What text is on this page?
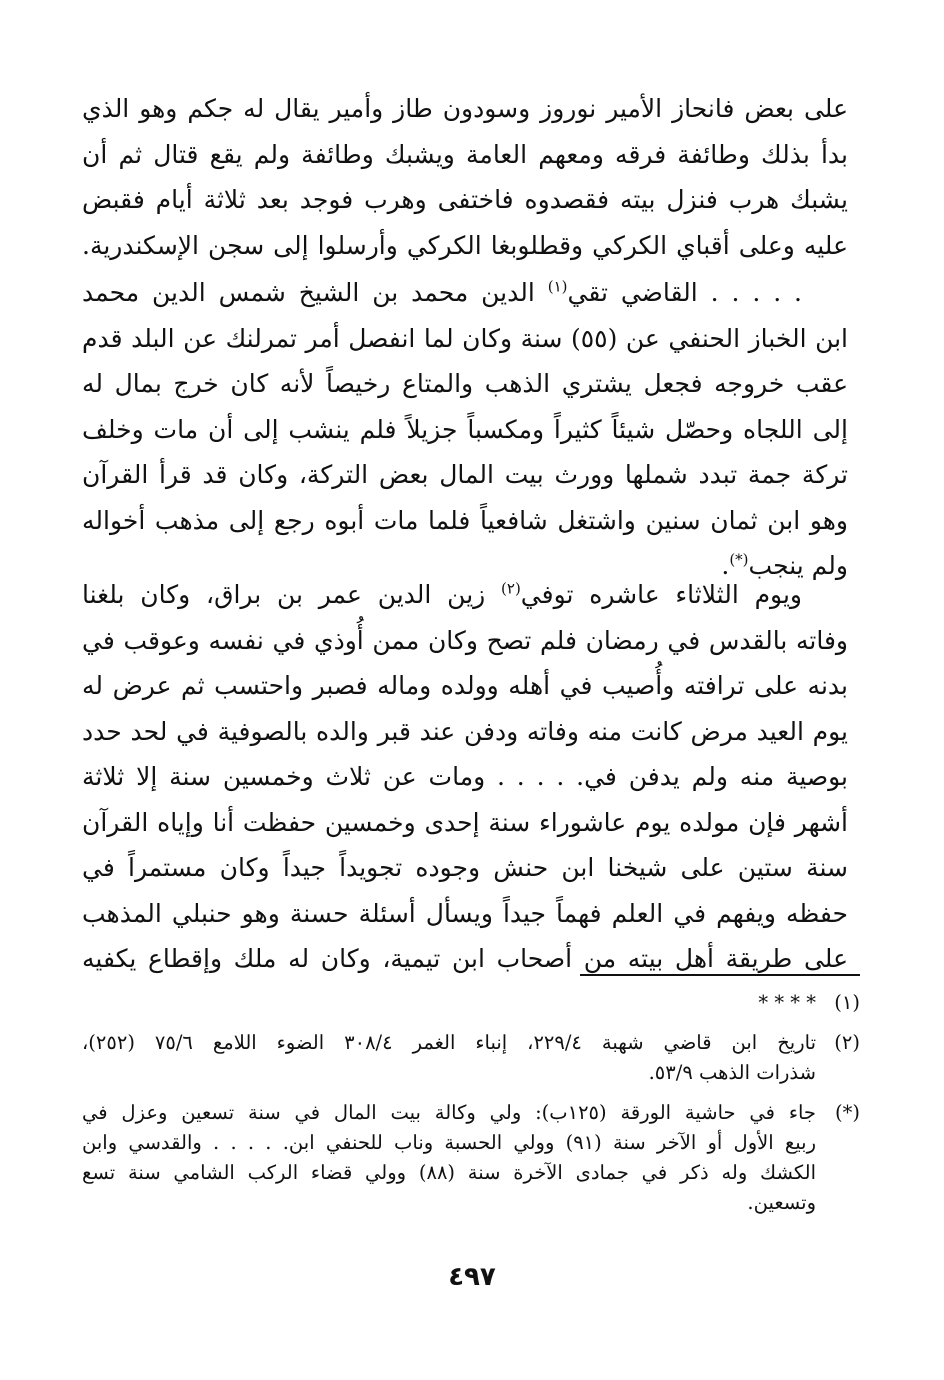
على بعض فانحاز الأمير نوروز وسودون طاز وأمير يقال له جكم وهو الذي
بدأ بذلك وطائفة فرقه ومعهم العامة ويشبك وطائفة ولم يقع قتال ثم أن
يشبك هرب فنزل بيته فقصدوه فاختفى وهرب فوجد بعد ثلاثة أيام فقبض
عليه وعلى أقباي الكركي وقطلوبغا الكركي وأرسلوا إلى سجن الإسكندرية.
. . . . . القاضي تقي$^{(١)}$ الدين محمد بن الشيخ شمس الدين محمد
ابن الخباز الحنفي عن (٥٥) سنة وكان لما انفصل أمر تمرلنك عن البلد قدم
عقب خروجه فجعل يشتري الذهب والمتاع رخيصاً لأنه كان خرج بمال له
إلى اللجاه وحصّل شيئاً كثيراً ومكسباً جزيلاً فلم ينشب إلى أن مات وخلف
تركة جمة تبدد شملها وورث بيت المال بعض التركة، وكان قد قرأ القرآن
وهو ابن ثمان سنين واشتغل شافعياً فلما مات أبوه رجع إلى مذهب أخواله
ولم ينجب(*).
ويوم الثلاثاء عاشره توفي$^{(٢)}$ زين الدين عمر بن براق، وكان بلغنا
وفاته بالقدس في رمضان فلم تصح وكان ممن أُوذي في نفسه وعوقب في
بدنه على ترافته وأُصيب في أهله وولده وماله فصبر واحتسب ثم عرض له
يوم العيد مرض كانت منه وفاته ودفن عند قبر والده بالصوفية في لحد حدد
بوصية منه ولم يدفن في. . . . . ومات عن ثلاث وخمسين سنة إلا ثلاثة
أشهر فإن مولده يوم عاشوراء سنة إحدى وخمسين حفظت أنا وإياه القرآن
سنة ستين على شيخنا ابن حنش وجوده تجويداً جيداً وكان مستمراً في
حفظه ويفهم في العلم فهماً جيداً ويسأل أسئلة حسنة وهو حنبلي المذهب
على طريقة أهل بيته من أصحاب ابن تيمية، وكان له ملك وإقطاع يكفيه
(١)
* * * *
(٢)
تاريخ ابن قاضي شهبة ٢٢٩/٤، إنباء الغمر ٣٠٨/٤ الضوء اللامع ٧٥/٦ (٢٥٢)،
شذرات الذهب ٥٣/٩.
(*)
جاء في حاشية الورقة (١٢٥ب): ولي وكالة بيت المال في سنة تسعين وعزل في
ربيع الأول أو الآخر سنة (٩١) وولي الحسبة وناب للحنفي ابن. . . . . والقدسي وابن
الكشك وله ذكر في جمادى الآخرة سنة (٨٨) وولي قضاء الركب الشامي سنة تسع
وتسعين.
٤٩٧
